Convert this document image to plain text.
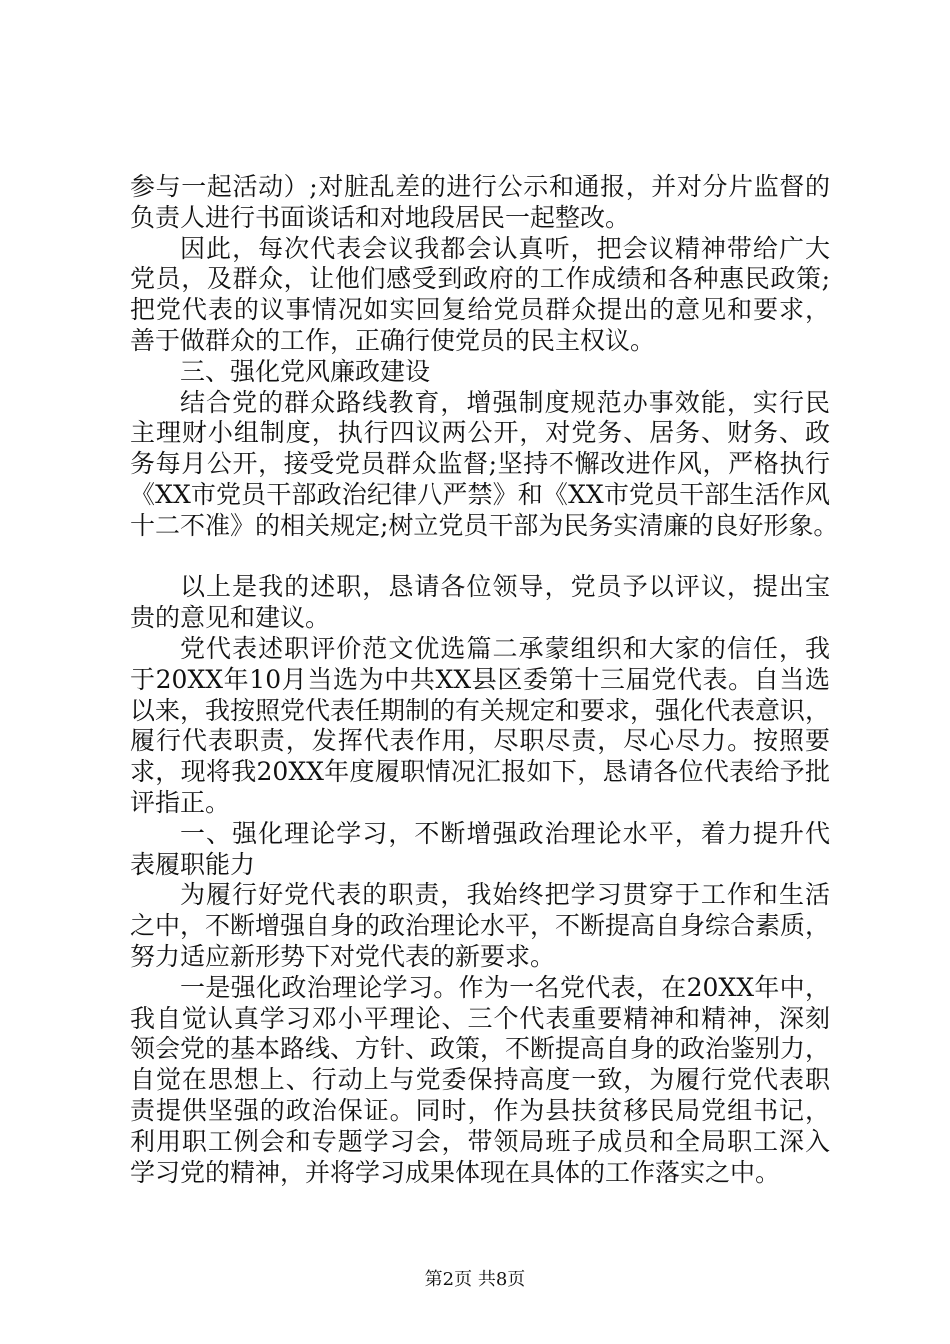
参与一起活动）;对脏乱差的进行公示和通报，并对分片监督的
负责人进行书面谈话和对地段居民一起整改。
因此，每次代表会议我都会认真听，把会议精神带给广大
党员，及群众，让他们感受到政府的工作成绩和各种惠民政策;
把党代表的议事情况如实回复给党员群众提出的意见和要求，
善于做群众的工作，正确行使党员的民主权议。
三、强化党风廉政建设
结合党的群众路线教育，增强制度规范办事效能，实行民
主理财小组制度，执行四议两公开，对党务、居务、财务、政
务每月公开，接受党员群众监督;坚持不懈改进作风，严格执行
《XX市党员干部政治纪律八严禁》和《XX市党员干部生活作风
十二不准》的相关规定;树立党员干部为民务实清廉的良好形象。
以上是我的述职，恳请各位领导，党员予以评议，提出宝
贵的意见和建议。
党代表述职评价范文优选篇二承蒙组织和大家的信任，我
于20XX年10月当选为中共XX县区委第十三届党代表。自当选
以来，我按照党代表任期制的有关规定和要求，强化代表意识，
履行代表职责，发挥代表作用，尽职尽责，尽心尽力。按照要
求，现将我20XX年度履职情况汇报如下，恳请各位代表给予批
评指正。
一、强化理论学习，不断增强政治理论水平，着力提升代
表履职能力
为履行好党代表的职责，我始终把学习贯穿于工作和生活
之中，不断增强自身的政治理论水平，不断提高自身综合素质，
努力适应新形势下对党代表的新要求。
一是强化政治理论学习。作为一名党代表，在20XX年中，
我自觉认真学习邓小平理论、三个代表重要精神和精神，深刻
领会党的基本路线、方针、政策，不断提高自身的政治鉴别力，
自觉在思想上、行动上与党委保持高度一致，为履行党代表职
责提供坚强的政治保证。同时，作为县扶贫移民局党组书记，
利用职工例会和专题学习会，带领局班子成员和全局职工深入
学习党的精神，并将学习成果体现在具体的工作落实之中。
第2页 共8页
